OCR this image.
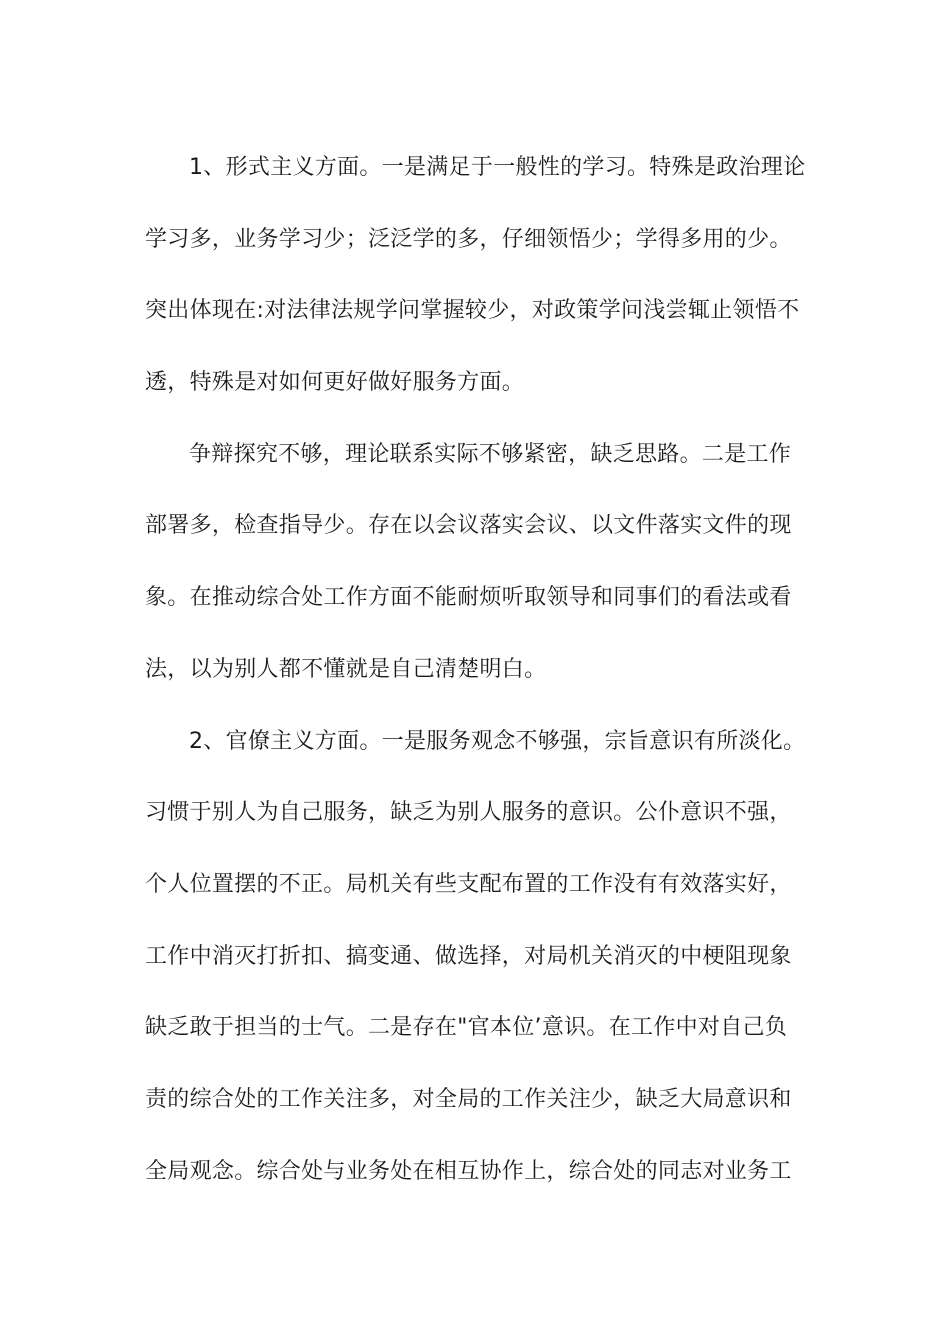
1、形式主义方面。一是满足于一般性的学习。特殊是政治理论
学习多，业务学习少；泛泛学的多，仔细领悟少；学得多用的少。
突出体现在:对法律法规学问掌握较少，对政策学问浅尝辄止领悟不
透，特殊是对如何更好做好服务方面。
争辩探究不够，理论联系实际不够紧密，缺乏思路。二是工作
部署多，检查指导少。存在以会议落实会议、以文件落实文件的现
象。在推动综合处工作方面不能耐烦听取领导和同事们的看法或看
法，以为别人都不懂就是自己清楚明白。
2、官僚主义方面。一是服务观念不够强，宗旨意识有所淡化。
习惯于别人为自己服务，缺乏为别人服务的意识。公仆意识不强，
个人位置摆的不正。局机关有些支配布置的工作没有有效落实好，
工作中消灭打折扣、搞变通、做选择，对局机关消灭的中梗阻现象
缺乏敢于担当的士气。二是存在"官本位’意识。在工作中对自己负
责的综合处的工作关注多，对全局的工作关注少，缺乏大局意识和
全局观念。综合处与业务处在相互协作上，综合处的同志对业务工
